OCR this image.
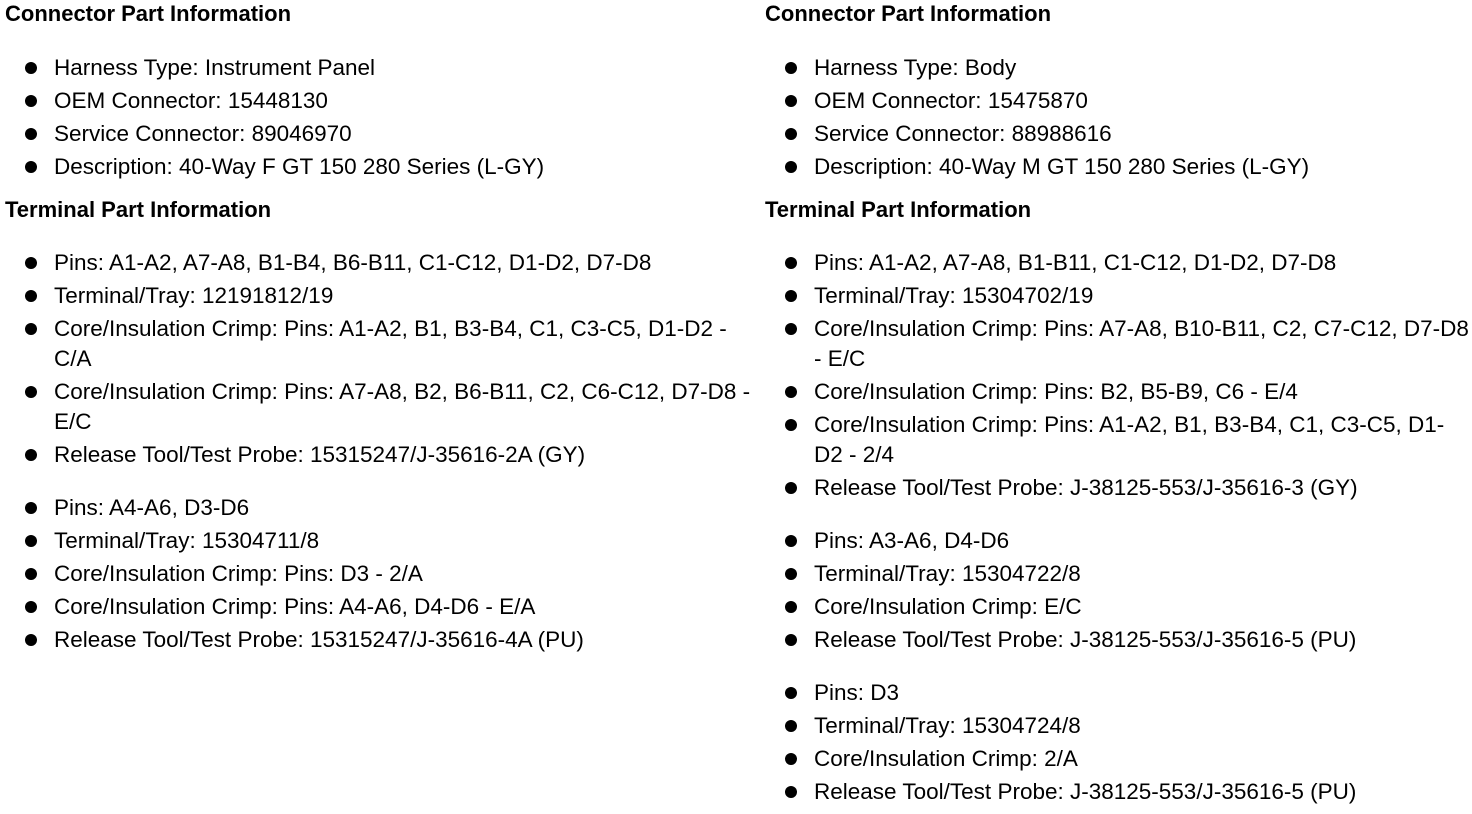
Connector Part Information
Harness Type: Instrument Panel
OEM Connector: 15448130
Service Connector: 89046970
Description: 40-Way F GT 150 280 Series (L-GY)
Terminal Part Information
Pins: A1-A2, A7-A8, B1-B4, B6-B11, C1-C12, D1-D2, D7-D8
Terminal/Tray: 12191812/19
Core/Insulation Crimp: Pins: A1-A2, B1, B3-B4, C1, C3-C5, D1-D2 - C/A
Core/Insulation Crimp: Pins: A7-A8, B2, B6-B11, C2, C6-C12, D7-D8 - E/C
Release Tool/Test Probe: 15315247/J-35616-2A (GY)
Pins: A4-A6, D3-D6
Terminal/Tray: 15304711/8
Core/Insulation Crimp: Pins: D3 - 2/A
Core/Insulation Crimp: Pins: A4-A6, D4-D6 - E/A
Release Tool/Test Probe: 15315247/J-35616-4A (PU)
Connector Part Information
Harness Type: Body
OEM Connector: 15475870
Service Connector: 88988616
Description: 40-Way M GT 150 280 Series (L-GY)
Terminal Part Information
Pins: A1-A2, A7-A8, B1-B11, C1-C12, D1-D2, D7-D8
Terminal/Tray: 15304702/19
Core/Insulation Crimp: Pins: A7-A8, B10-B11, C2, C7-C12, D7-D8 - E/C
Core/Insulation Crimp: Pins: B2, B5-B9, C6 - E/4
Core/Insulation Crimp: Pins: A1-A2, B1, B3-B4, C1, C3-C5, D1-D2 - 2/4
Release Tool/Test Probe: J-38125-553/J-35616-3 (GY)
Pins: A3-A6, D4-D6
Terminal/Tray: 15304722/8
Core/Insulation Crimp: E/C
Release Tool/Test Probe: J-38125-553/J-35616-5 (PU)
Pins: D3
Terminal/Tray: 15304724/8
Core/Insulation Crimp: 2/A
Release Tool/Test Probe: J-38125-553/J-35616-5 (PU)
